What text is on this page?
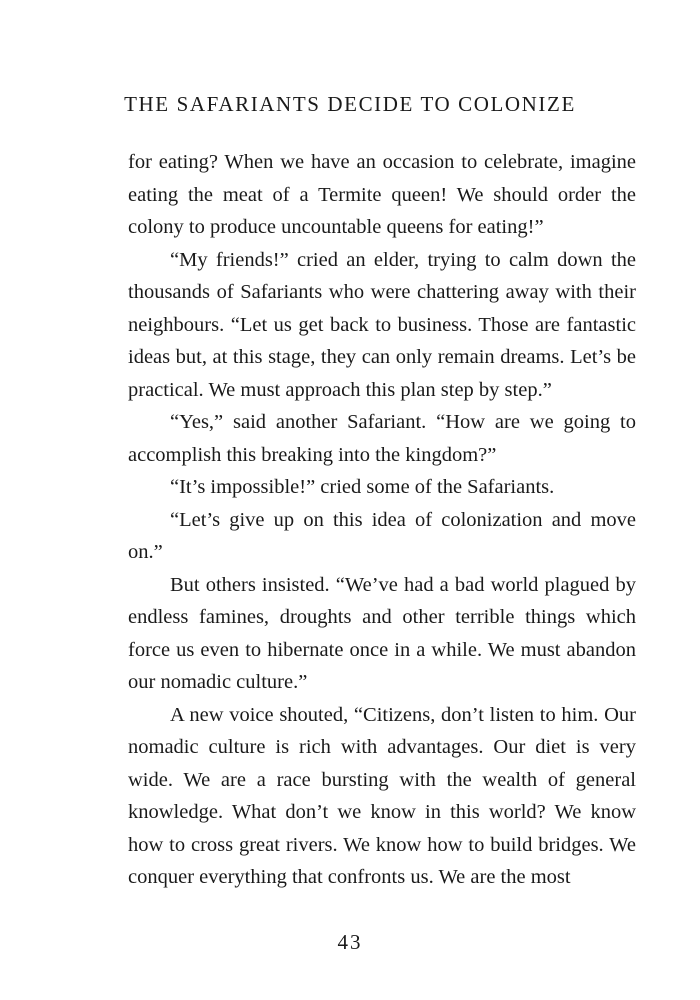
THE SAFARIANTS DECIDE TO COLONIZE

for eating? When we have an occasion to celebrate, imagine eating the meat of a Termite queen! We should order the colony to produce uncountable queens for eating!”

“My friends!” cried an elder, trying to calm down the thousands of Safariants who were chattering away with their neighbours. “Let us get back to business. Those are fantastic ideas but, at this stage, they can only remain dreams. Let’s be practical. We must approach this plan step by step.”

“Yes,” said another Safariant. “How are we going to accomplish this breaking into the kingdom?”

“It’s impossible!” cried some of the Safariants.

“Let’s give up on this idea of colonization and move on.”

But others insisted. “We’ve had a bad world plagued by endless famines, droughts and other terrible things which force us even to hibernate once in a while. We must abandon our nomadic culture.”

A new voice shouted, “Citizens, don’t listen to him. Our nomadic culture is rich with advantages. Our diet is very wide. We are a race bursting with the wealth of general knowledge. What don’t we know in this world? We know how to cross great rivers. We know how to build bridges. We conquer everything that confronts us. We are the most

43
